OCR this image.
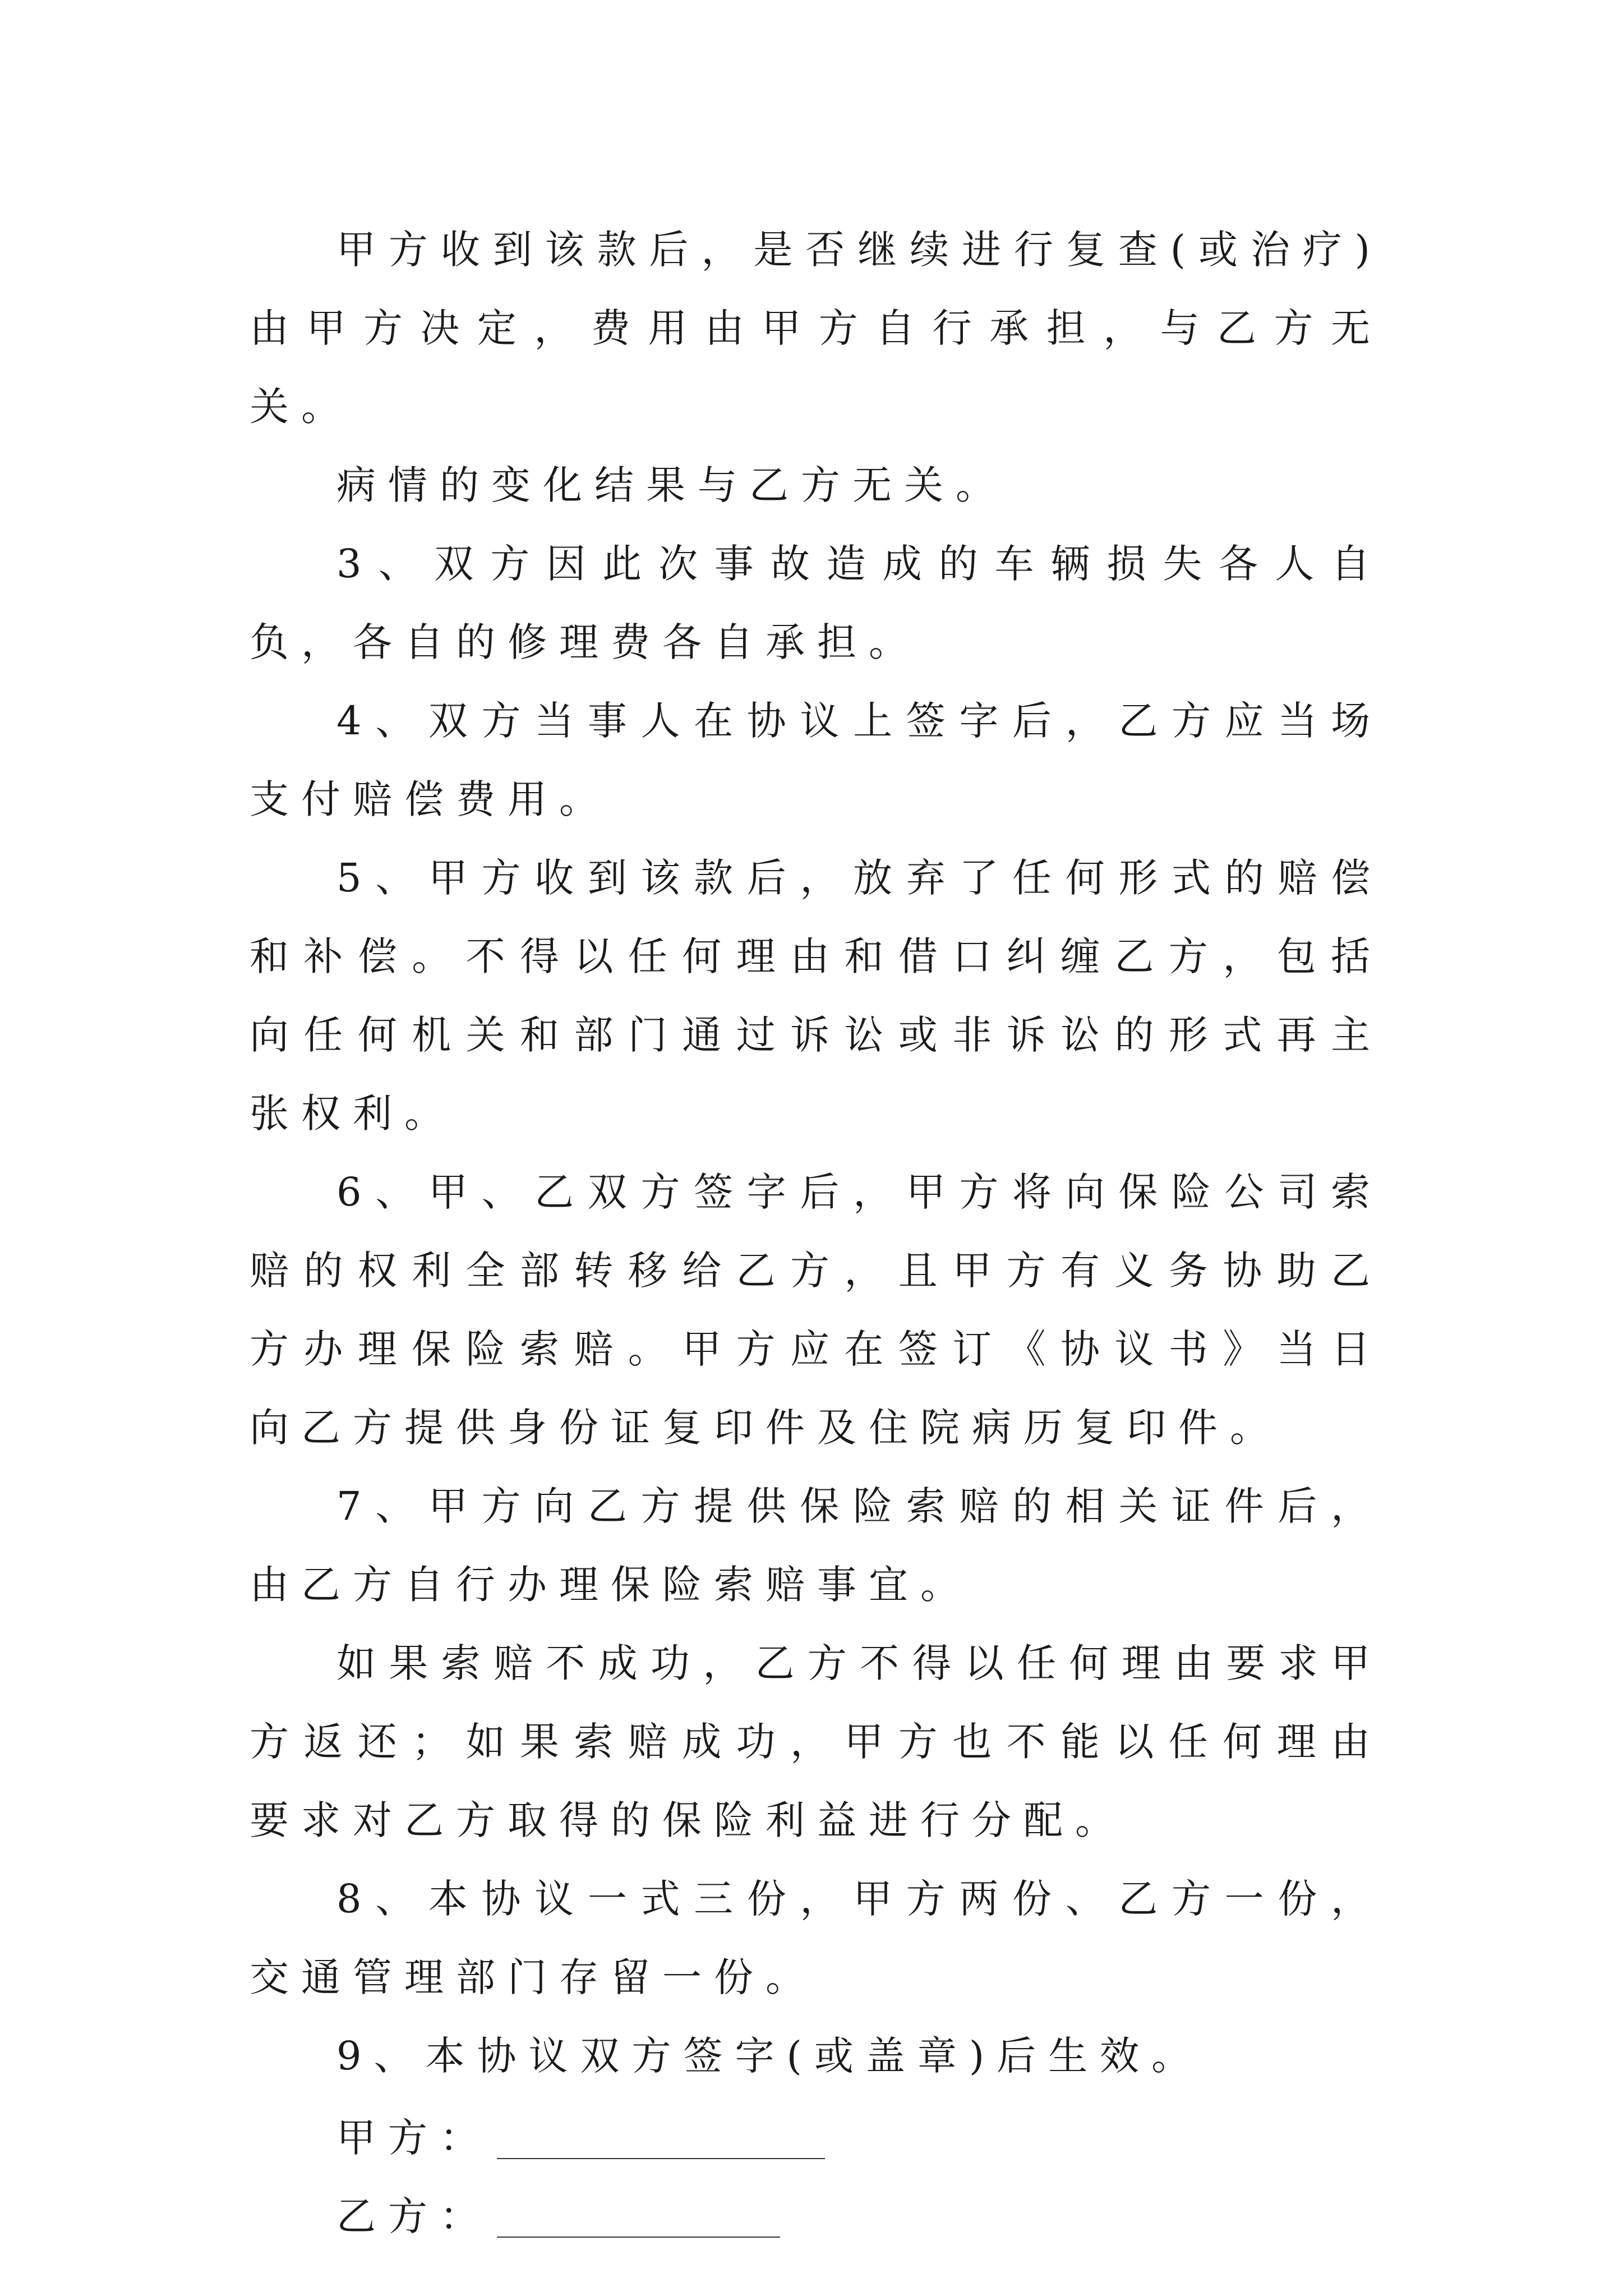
甲方收到该款后，是否继续进行复查(或治疗)由甲方决定，费用由甲方自行承担，与乙方无关。

病情的变化结果与乙方无关。

3、双方因此次事故造成的车辆损失各人自负，各自的修理费各自承担。

4、双方当事人在协议上签字后，乙方应当场支付赔偿费用。

5、甲方收到该款后，放弃了任何形式的赔偿和补偿。不得以任何理由和借口纠缠乙方，包括向任何机关和部门通过诉讼或非诉讼的形式再主张权利。

6、甲、乙双方签字后，甲方将向保险公司索赔的权利全部转移给乙方，且甲方有义务协助乙方办理保险索赔。甲方应在签订《协议书》当日向乙方提供身份证复印件及住院病历复印件。

7、甲方向乙方提供保险索赔的相关证件后，由乙方自行办理保险索赔事宜。

如果索赔不成功，乙方不得以任何理由要求甲方返还；如果索赔成功，甲方也不能以任何理由要求对乙方取得的保险利益进行分配。

8、本协议一式三份，甲方两份、乙方一份，交通管理部门存留一份。

9、本协议双方签字(或盖章)后生效。

甲方：
乙方：
